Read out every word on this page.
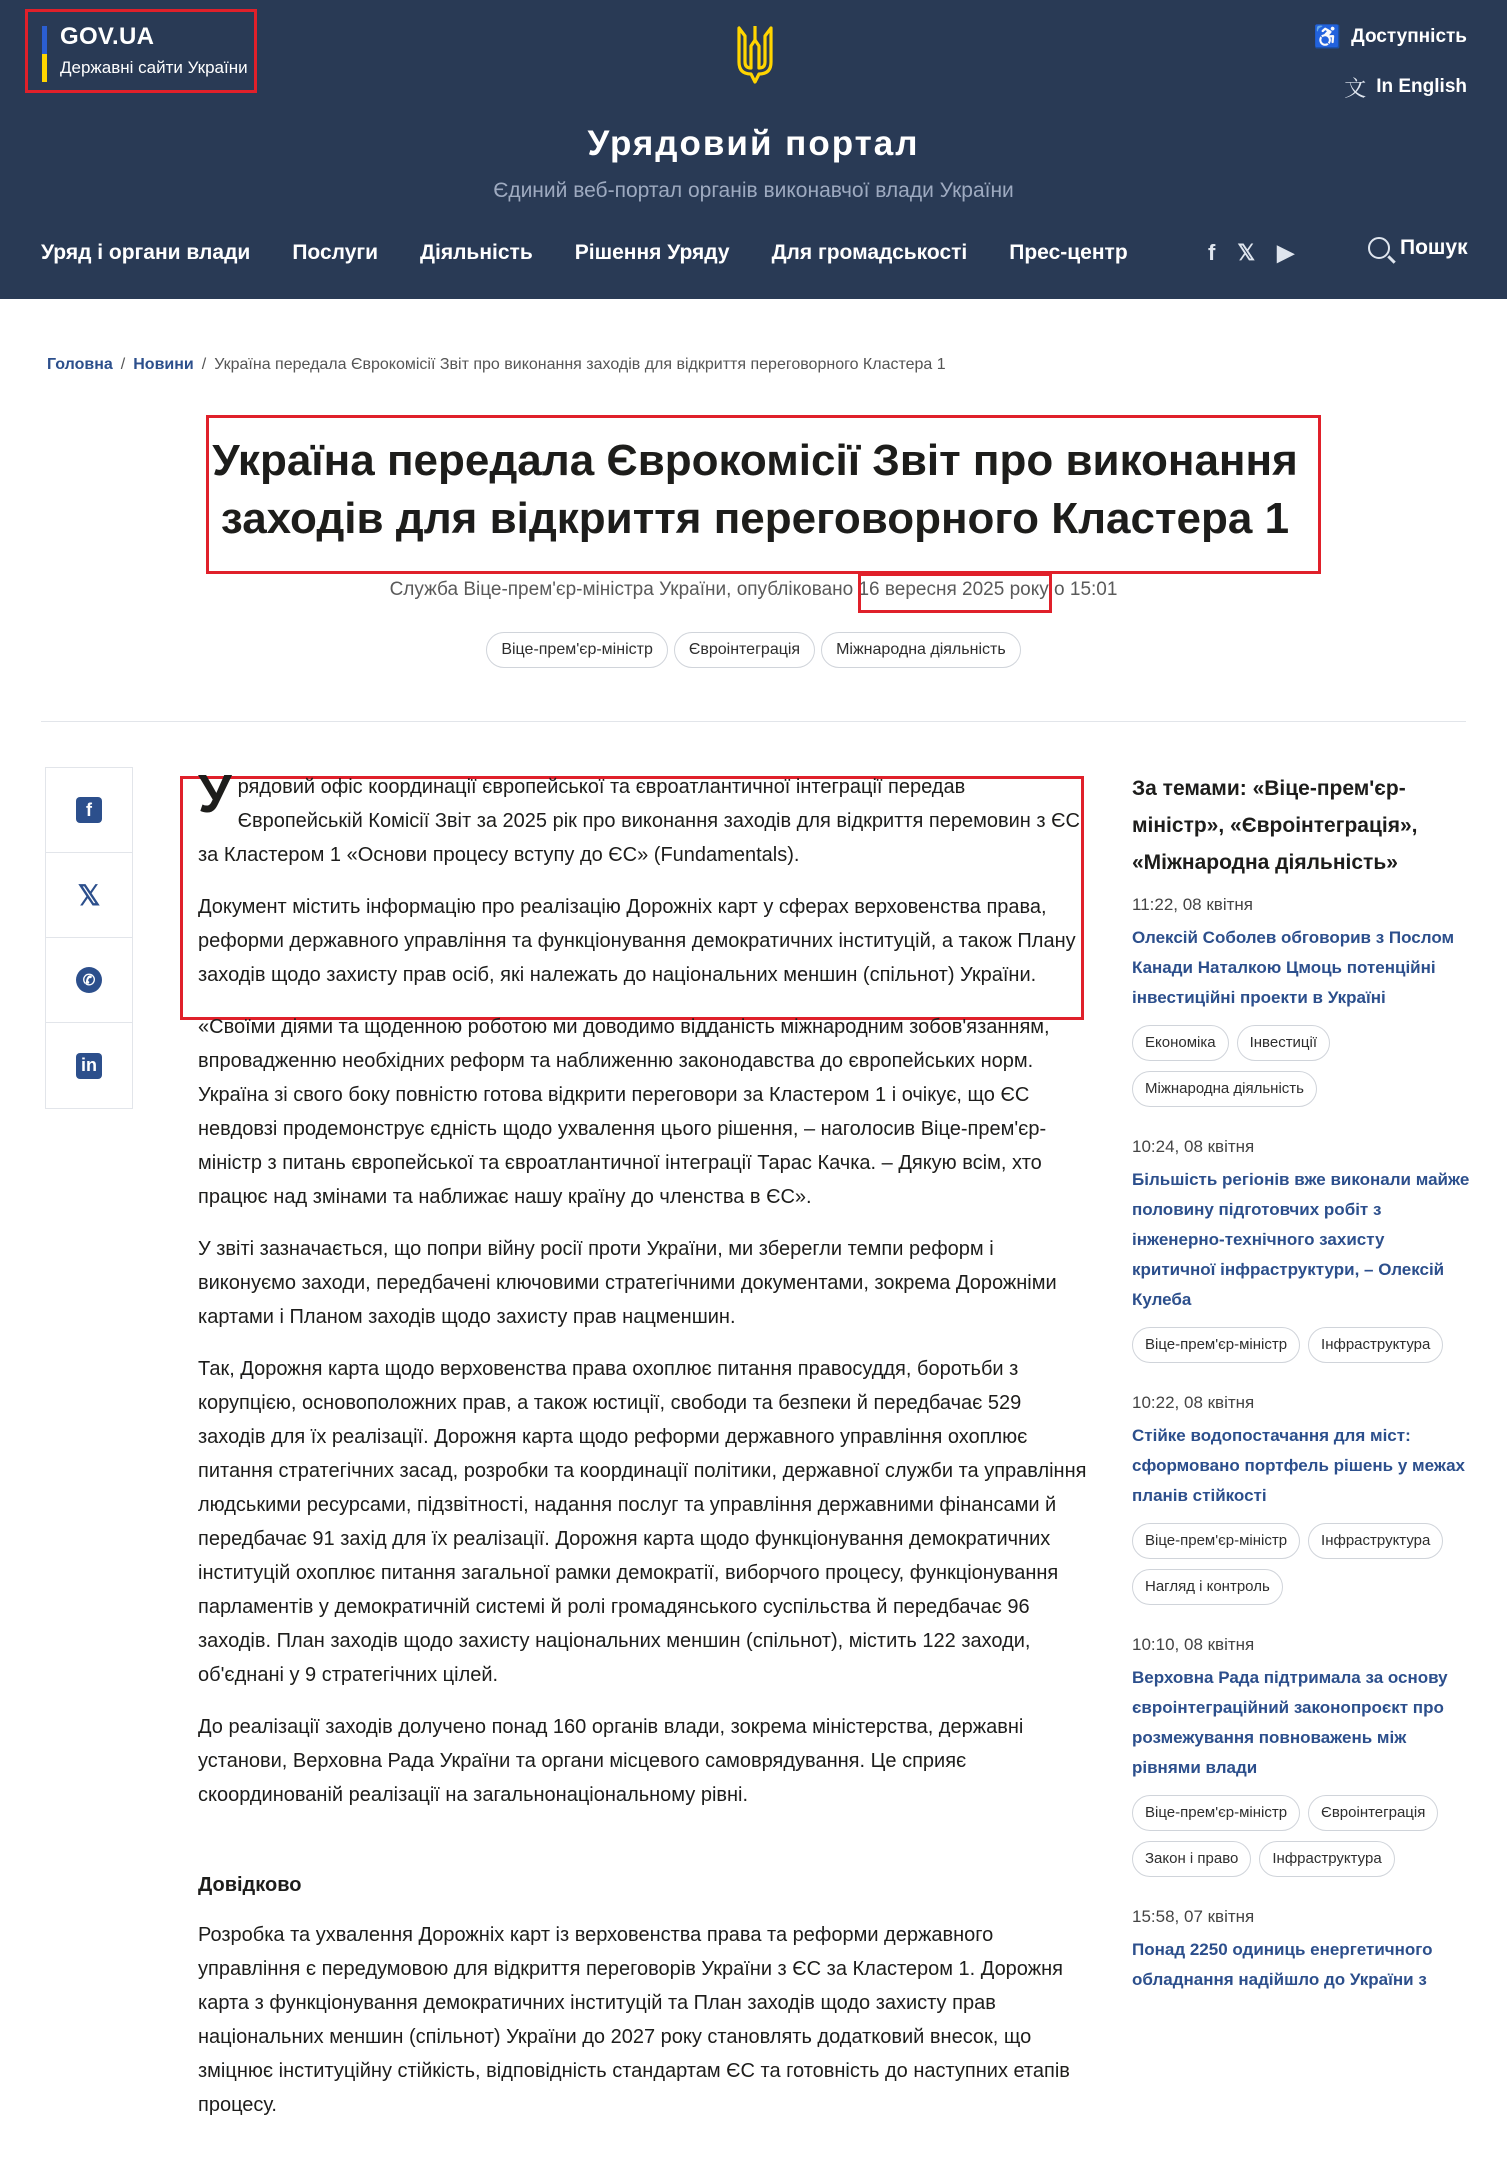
GOV.UA
Державні сайти України
♿ Доступність
文 In English
Урядовий портал
Єдиний веб-портал органів виконавчої влади України
Уряд і органи влади Послуги Діяльність Рішення Уряду Для громадськості Прес-центр	f 𝕏 ▶	Пошук
Головна / Новини / Україна передала Єврокомісії Звіт про виконання заходів для відкриття переговорного Кластера 1
Україна передала Єврокомісії Звіт про виконання заходів для відкриття переговорного Кластера 1
Служба Віце-прем'єр-міністра України, опубліковано 16 вересня 2025 року о 15:01
Віце-прем'єр-міністр	Євроінтеграція	Міжнародна діяльність
f
𝕏
✆
in

Урядовий офіс координації європейської та євроатлантичної інтеграції передав Європейській Комісії Звіт за 2025 рік про виконання заходів для відкриття перемовин з ЄС за Кластером 1 «Основи процесу вступу до ЄС» (Fundamentals).

Документ містить інформацію про реалізацію Дорожніх карт у сферах верховенства права, реформи державного управління та функціонування демократичних інституцій, а також Плану заходів щодо захисту прав осіб, які належать до національних меншин (спільнот) України.

«Своїми діями та щоденною роботою ми доводимо відданість міжнародним зобов'язанням, впровадженню необхідних реформ та наближенню законодавства до європейських норм. Україна зі свого боку повністю готова відкрити переговори за Кластером 1 і очікує, що ЄС невдовзі продемонструє єдність щодо ухвалення цього рішення, – наголосив Віце-прем'єр-міністр з питань європейської та євроатлантичної інтеграції Тарас Качка. – Дякую всім, хто працює над змінами та наближає нашу країну до членства в ЄС».

У звіті зазначається, що попри війну росії проти України, ми зберегли темпи реформ і виконуємо заходи, передбачені ключовими стратегічними документами, зокрема Дорожніми картами і Планом заходів щодо захисту прав нацменшин.

Так, Дорожня карта щодо верховенства права охоплює питання правосуддя, боротьби з корупцією, основоположних прав, а також юстиції, свободи та безпеки й передбачає 529 заходів для їх реалізації. Дорожня карта щодо реформи державного управління охоплює питання стратегічних засад, розробки та координації політики, державної служби та управління людськими ресурсами, підзвітності, надання послуг та управління державними фінансами й передбачає 91 захід для їх реалізації. Дорожня карта щодо функціонування демократичних інституцій охоплює питання загальної рамки демократії, виборчого процесу, функціонування парламентів у демократичній системі й ролі громадянського суспільства й передбачає 96 заходів. План заходів щодо захисту національних меншин (спільнот), містить 122 заходи, об'єднані у 9 стратегічних цілей.

До реалізації заходів долучено понад 160 органів влади, зокрема міністерства, державні установи, Верховна Рада України та органи місцевого самоврядування. Це сприяє скоординованій реалізації на загальнонаціональному рівні.

Довідково

Розробка та ухвалення Дорожніх карт із верховенства права та реформи державного управління є передумовою для відкриття переговорів України з ЄС за Кластером 1. Дорожня карта з функціонування демократичних інституцій та План заходів щодо захисту прав національних меншин (спільнот) України до 2027 року становлять додатковий внесок, що зміцнює інституційну стійкість, відповідність стандартам ЄС та готовність до наступних етапів процесу.

За темами: «Віце-прем'єр-міністр», «Євроінтеграція», «Міжнародна діяльність»
11:22, 08 квітня
Олексій Соболев обговорив з Послом Канади Наталкою Цмоць потенційні інвестиційні проекти в Україні
Економіка	Інвестиції
Міжнародна діяльність
10:24, 08 квітня
Більшість регіонів вже виконали майже половину підготовчих робіт з інженерно-технічного захисту критичної інфраструктури, – Олексій Кулеба
Віце-прем'єр-міністр	Інфраструктура
10:22, 08 квітня
Стійке водопостачання для міст: сформовано портфель рішень у межах планів стійкості
Віце-прем'єр-міністр	Інфраструктура
Нагляд і контроль
10:10, 08 квітня
Верховна Рада підтримала за основу євроінтеграційний законопроєкт про розмежування повноважень між рівнями влади
Віце-прем'єр-міністр	Євроінтеграція
Закон і право	Інфраструктура
15:58, 07 квітня
Понад 2250 одиниць енергетичного обладнання надійшло до України з
